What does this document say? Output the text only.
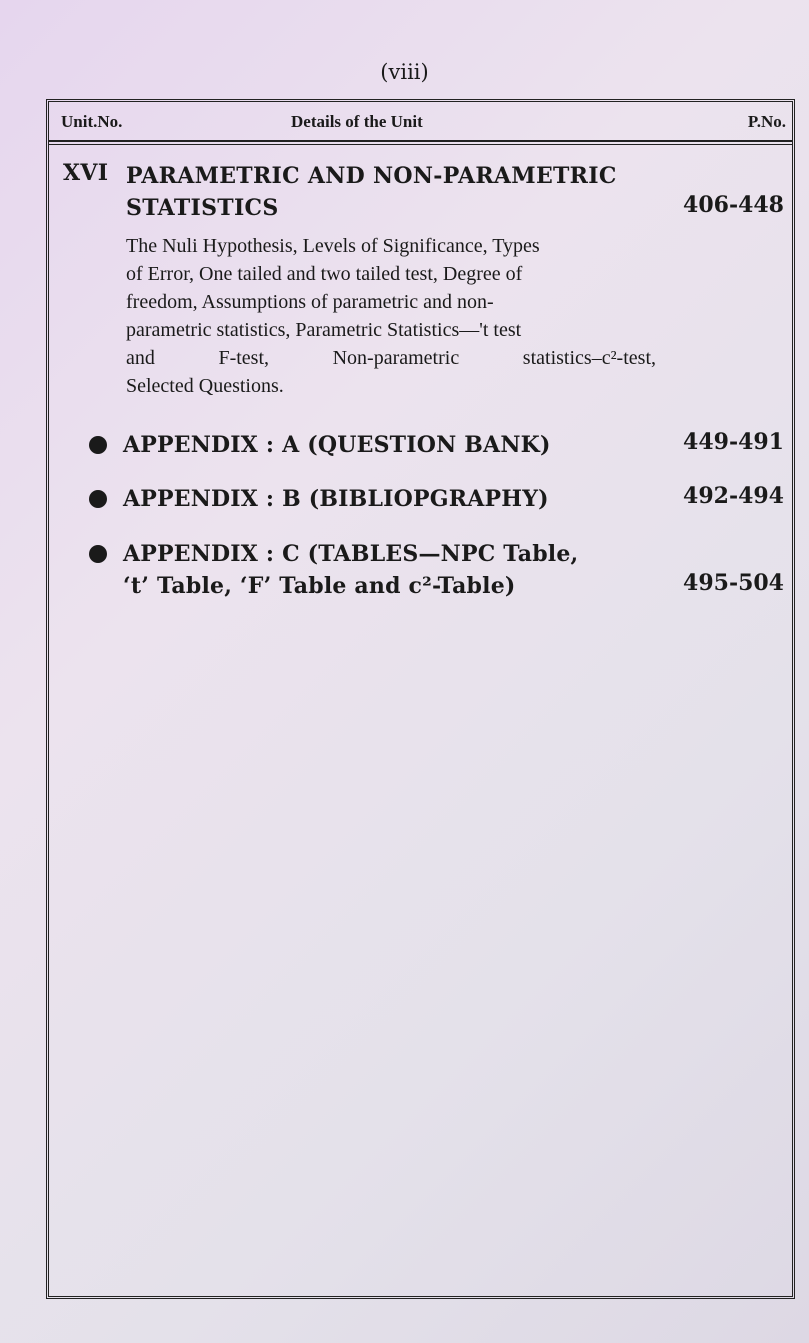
(viii)
Unit.No.	Details of the Unit	P.No.
XVI PARAMETRIC AND NON-PARAMETRIC
STATISTICS	406-448
The Nuli Hypothesis, Levels of Significance, Types
of Error, One tailed and two tailed test, Degree of
freedom, Assumptions of parametric and non-
parametric statistics, Parametric Statistics—'t test
and F-test, Non-parametric statistics–c²-test,
Selected Questions.
APPENDIX : A (QUESTION BANK)	449-491
APPENDIX : B (BIBLIOPGRAPHY)	492-494
APPENDIX : C (TABLES—NPC Table,
‘t’ Table, ‘F’ Table and c²-Table)	495-504
